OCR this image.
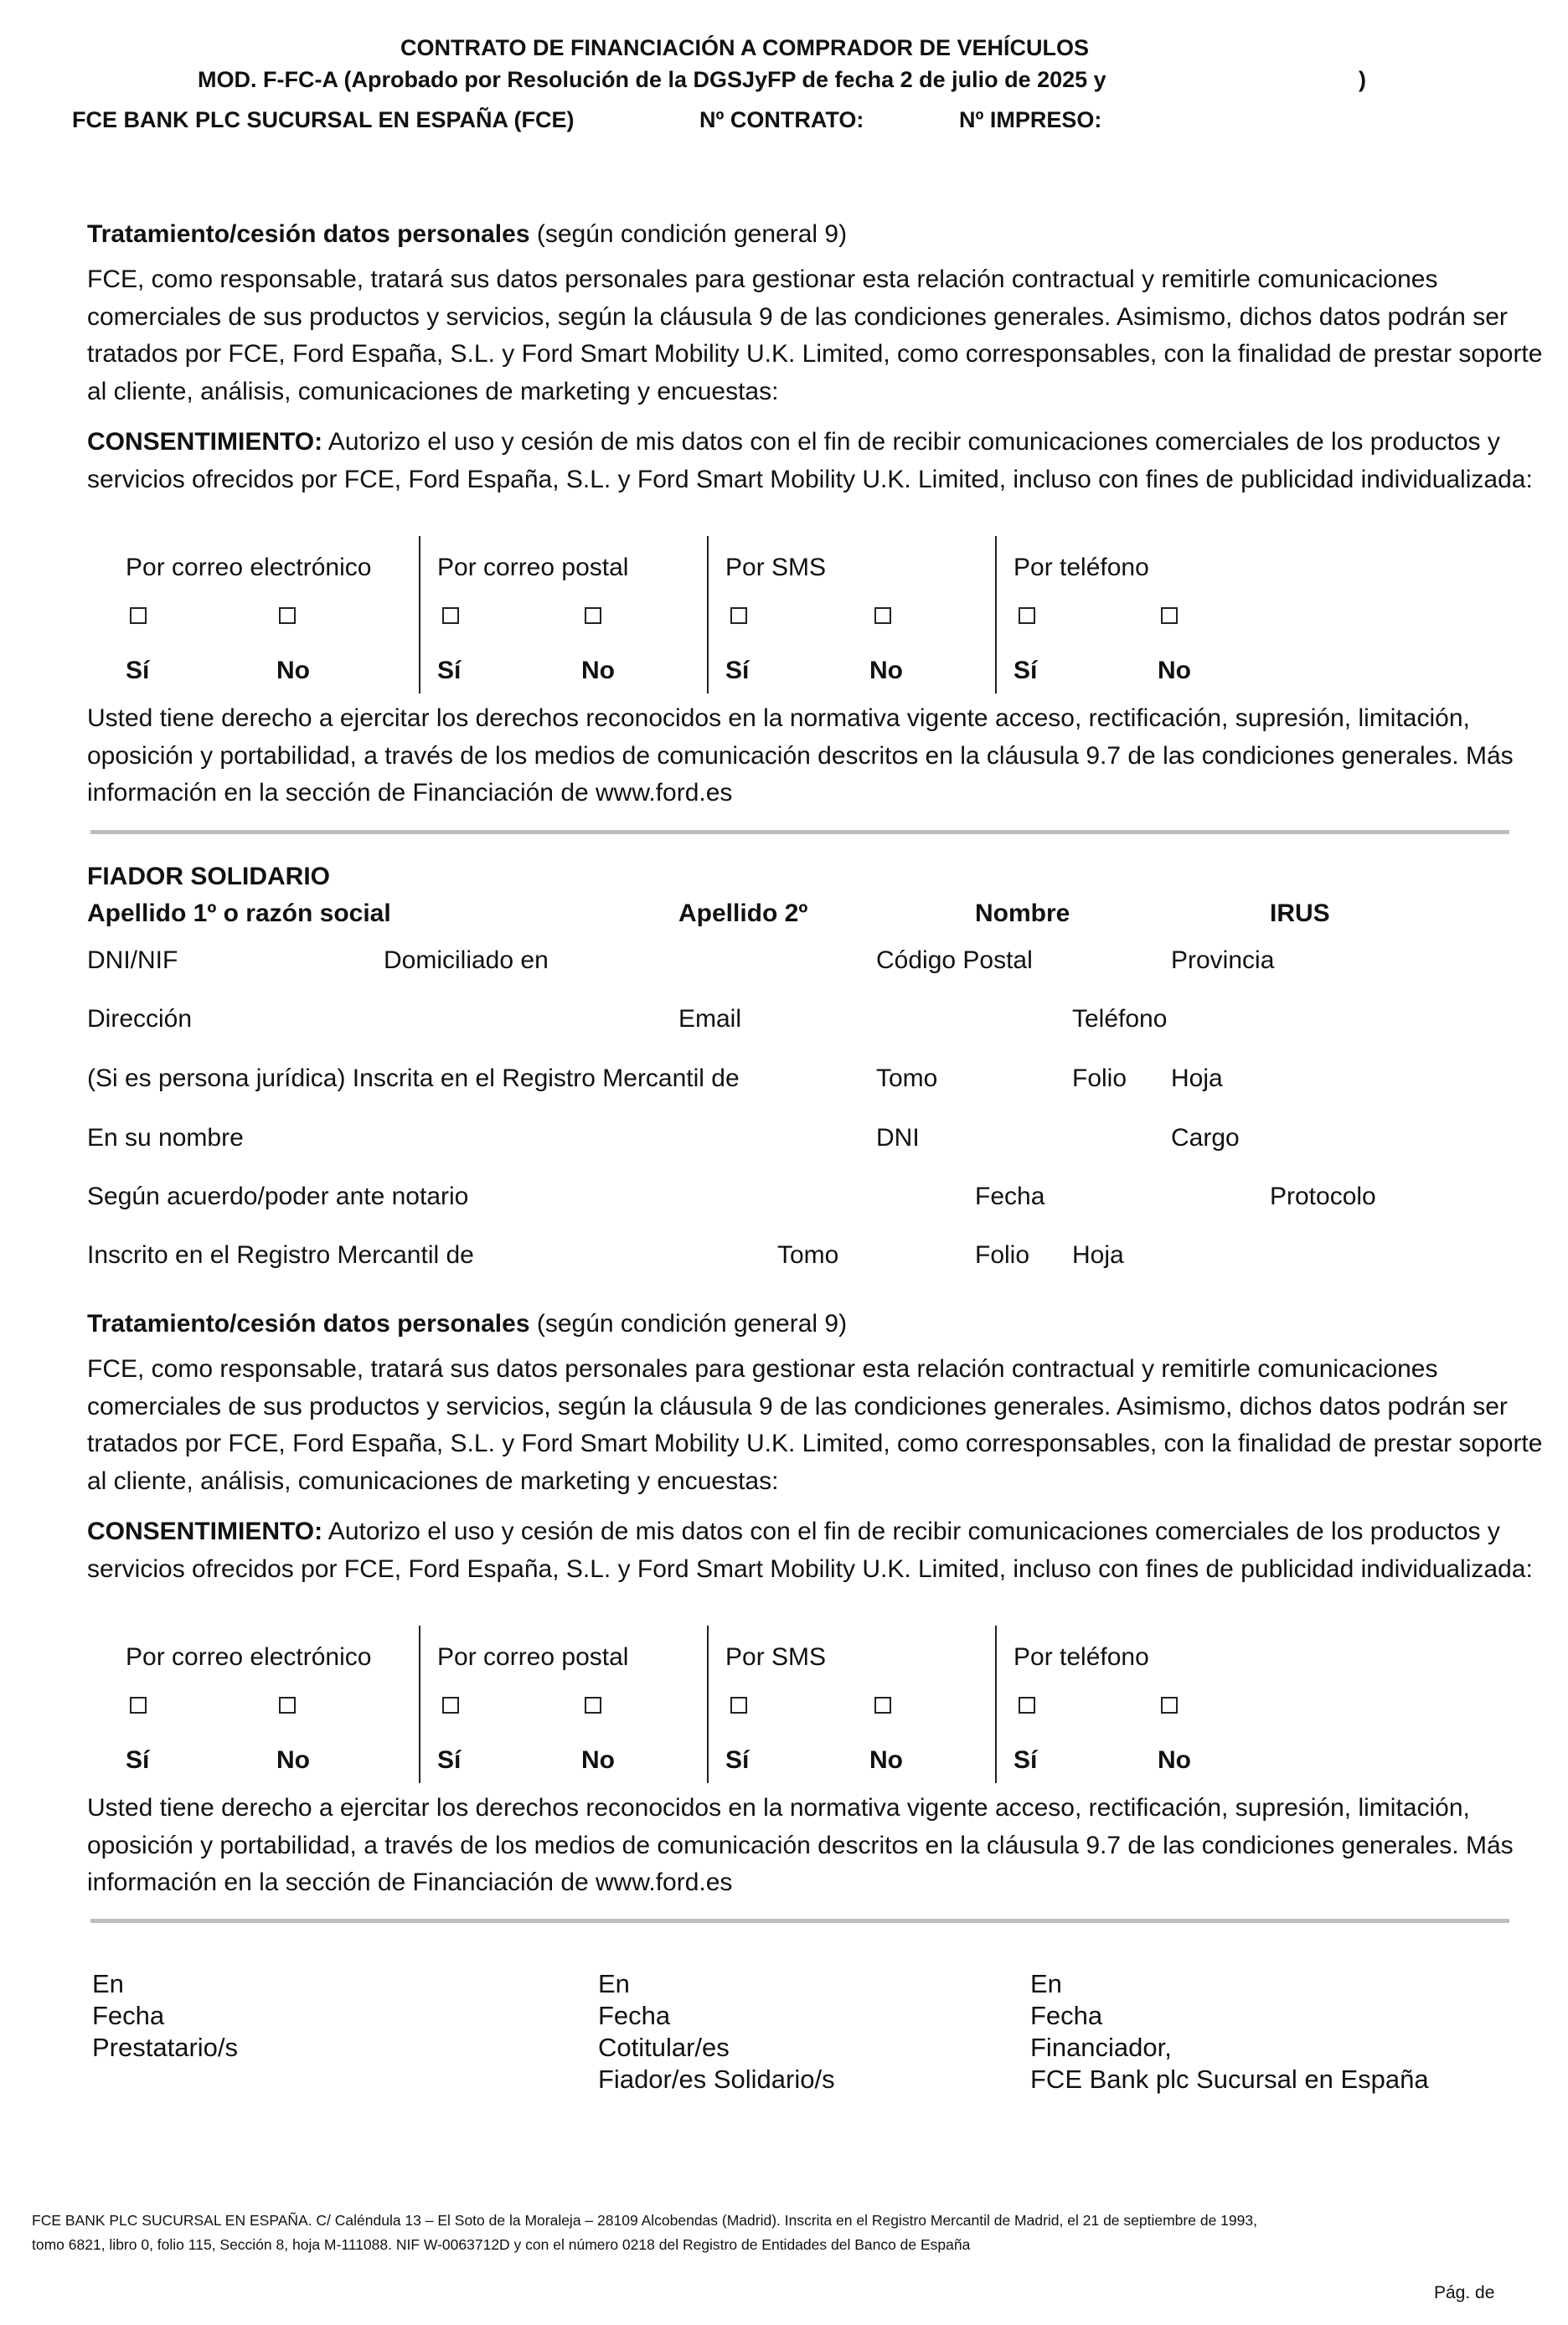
CONTRATO DE FINANCIACIÓN A COMPRADOR DE VEHÍCULOS
MOD. F-FC-A (Aprobado por Resolución de la DGSJyFP de fecha 2 de julio de 2025 y	)
FCE BANK PLC SUCURSAL EN ESPAÑA (FCE)	Nº CONTRATO:	Nº IMPRESO:
Tratamiento/cesión datos personales (según condición general 9)
FCE, como responsable, tratará sus datos personales para gestionar esta relación contractual y remitirle comunicaciones comerciales de sus productos y servicios, según la cláusula 9 de las condiciones generales. Asimismo, dichos datos podrán ser tratados por FCE, Ford España, S.L. y Ford Smart Mobility U.K. Limited, como corresponsables, con la finalidad de prestar soporte al cliente, análisis, comunicaciones de marketing y encuestas:
CONSENTIMIENTO: Autorizo el uso y cesión de mis datos con el fin de recibir comunicaciones comerciales de los productos y servicios ofrecidos por FCE, Ford España, S.L. y Ford Smart Mobility U.K. Limited, incluso con fines de publicidad individualizada:
Por correo electrónico	Por correo postal	Por SMS	Por teléfono
Sí	No	Sí	No	Sí	No	Sí	No
Usted tiene derecho a ejercitar los derechos reconocidos en la normativa vigente acceso, rectificación, supresión, limitación, oposición y portabilidad, a través de los medios de comunicación descritos en la cláusula 9.7 de las condiciones generales. Más información en la sección de Financiación de www.ford.es
FIADOR SOLIDARIO
Apellido 1º o razón social	Apellido 2º	Nombre	IRUS
DNI/NIF	Domiciliado en	Código Postal	Provincia
Dirección	Email	Teléfono
(Si es persona jurídica) Inscrita en el Registro Mercantil de	Tomo	Folio Hoja
En su nombre	DNI	Cargo
Según acuerdo/poder ante notario	Fecha	Protocolo
Inscrito en el Registro Mercantil de	Tomo	Folio Hoja
Tratamiento/cesión datos personales (según condición general 9)
FCE, como responsable, tratará sus datos personales para gestionar esta relación contractual y remitirle comunicaciones comerciales de sus productos y servicios, según la cláusula 9 de las condiciones generales. Asimismo, dichos datos podrán ser tratados por FCE, Ford España, S.L. y Ford Smart Mobility U.K. Limited, como corresponsables, con la finalidad de prestar soporte al cliente, análisis, comunicaciones de marketing y encuestas:
CONSENTIMIENTO: Autorizo el uso y cesión de mis datos con el fin de recibir comunicaciones comerciales de los productos y servicios ofrecidos por FCE, Ford España, S.L. y Ford Smart Mobility U.K. Limited, incluso con fines de publicidad individualizada:
Por correo electrónico	Por correo postal	Por SMS	Por teléfono
Sí	No	Sí	No	Sí	No	Sí	No
Usted tiene derecho a ejercitar los derechos reconocidos en la normativa vigente acceso, rectificación, supresión, limitación, oposición y portabilidad, a través de los medios de comunicación descritos en la cláusula 9.7 de las condiciones generales. Más información en la sección de Financiación de www.ford.es
En
Fecha
Prestatario/s
En
Fecha
Cotitular/es
Fiador/es Solidario/s
En
Fecha
Financiador,
FCE Bank plc Sucursal en España
FCE BANK PLC SUCURSAL EN ESPAÑA. C/ Caléndula 13 – El Soto de la Moraleja – 28109 Alcobendas (Madrid). Inscrita en el Registro Mercantil de Madrid, el 21 de septiembre de 1993,
tomo 6821, libro 0, folio 115, Sección 8, hoja M-111088. NIF W-0063712D y con el número 0218 del Registro de Entidades del Banco de España
Pág. de
